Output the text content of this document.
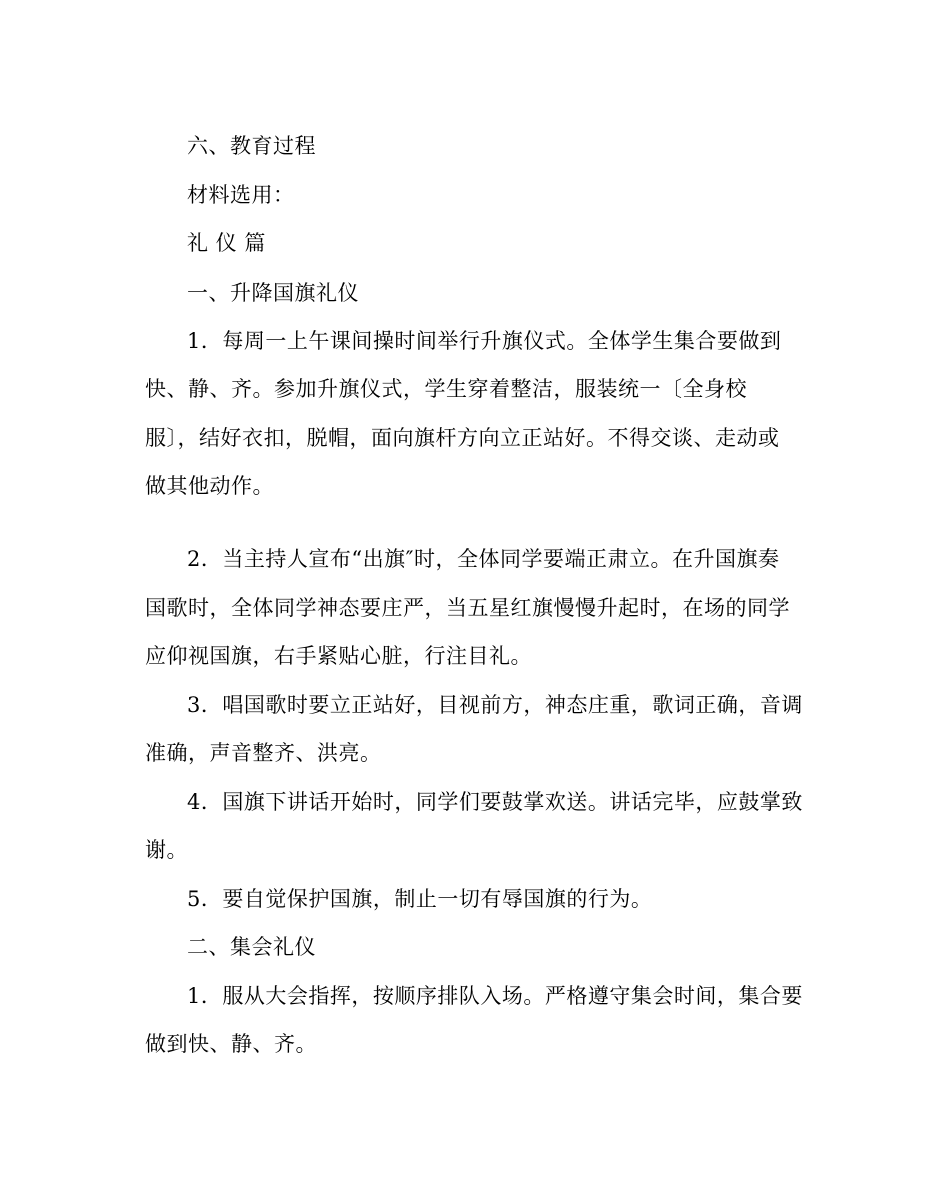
六、教育过程
材料选用：
礼 仪 篇
一、升降国旗礼仪
1．每周一上午课间操时间举行升旗仪式。全体学生集合要做到
快、静、齐。参加升旗仪式，学生穿着整洁，服装统一〔全身校
服〕，结好衣扣，脱帽，面向旗杆方向立正站好。不得交谈、走动或
做其他动作。
2．当主持人宣布“出旗″时，全体同学要端正肃立。在升国旗奏
国歌时，全体同学神态要庄严，当五星红旗慢慢升起时，在场的同学
应仰视国旗，右手紧贴心脏，行注目礼。
3．唱国歌时要立正站好，目视前方，神态庄重，歌词正确，音调
准确，声音整齐、洪亮。
4．国旗下讲话开始时，同学们要鼓掌欢送。讲话完毕，应鼓掌致
谢。
5．要自觉保护国旗，制止一切有辱国旗的行为。
二、集会礼仪
1．服从大会指挥，按顺序排队入场。严格遵守集会时间，集合要
做到快、静、齐。
